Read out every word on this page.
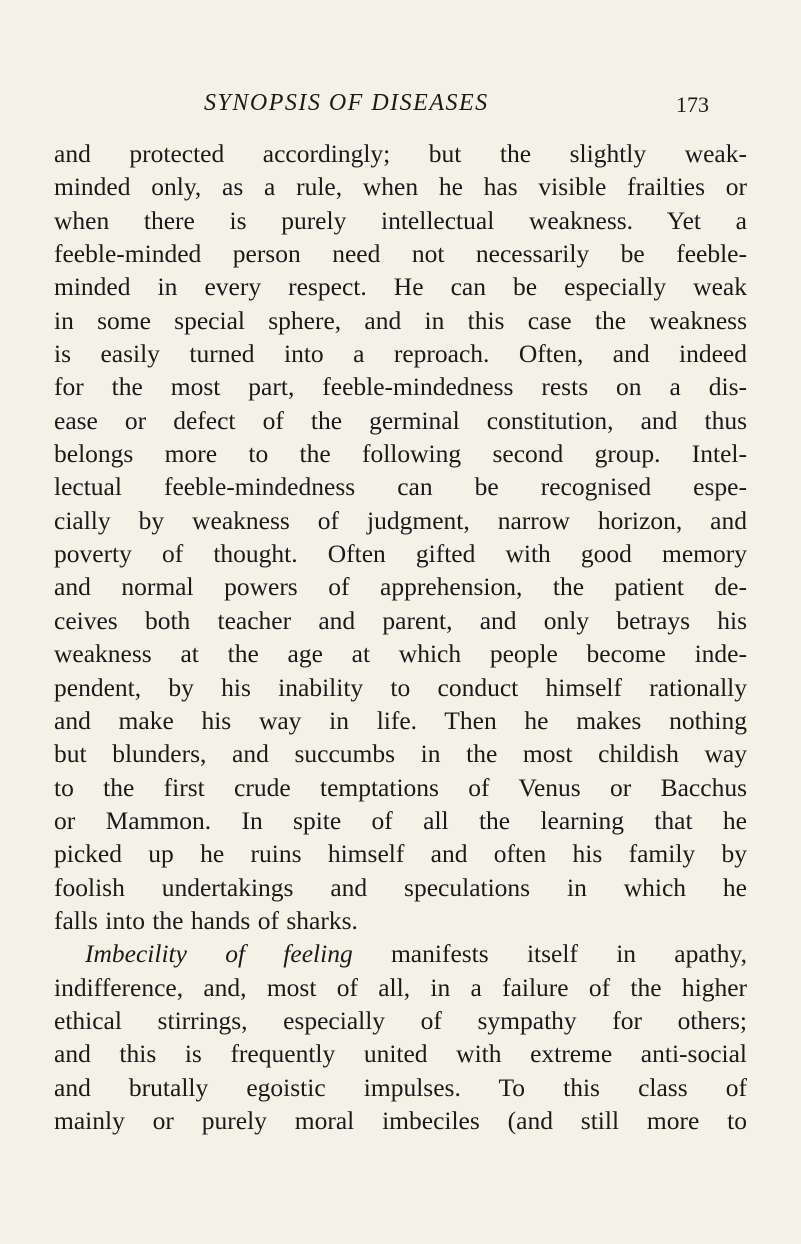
SYNOPSIS OF DISEASES	173
and protected accordingly; but the slightly weak-
minded only, as a rule, when he has visible frailties or
when there is purely intellectual weakness. Yet a
feeble-minded person need not necessarily be feeble-
minded in every respect. He can be especially weak
in some special sphere, and in this case the weakness
is easily turned into a reproach. Often, and indeed
for the most part, feeble-mindedness rests on a dis-
ease or defect of the germinal constitution, and thus
belongs more to the following second group. Intel-
lectual feeble-mindedness can be recognised espe-
cially by weakness of judgment, narrow horizon, and
poverty of thought. Often gifted with good memory
and normal powers of apprehension, the patient de-
ceives both teacher and parent, and only betrays his
weakness at the age at which people become inde-
pendent, by his inability to conduct himself rationally
and make his way in life. Then he makes nothing
but blunders, and succumbs in the most childish way
to the first crude temptations of Venus or Bacchus
or Mammon. In spite of all the learning that he
picked up he ruins himself and often his family by
foolish undertakings and speculations in which he
falls into the hands of sharks.
Imbecility of feeling manifests itself in apathy,
indifference, and, most of all, in a failure of the higher
ethical stirrings, especially of sympathy for others;
and this is frequently united with extreme anti-social
and brutally egoistic impulses. To this class of
mainly or purely moral imbeciles (and still more to
